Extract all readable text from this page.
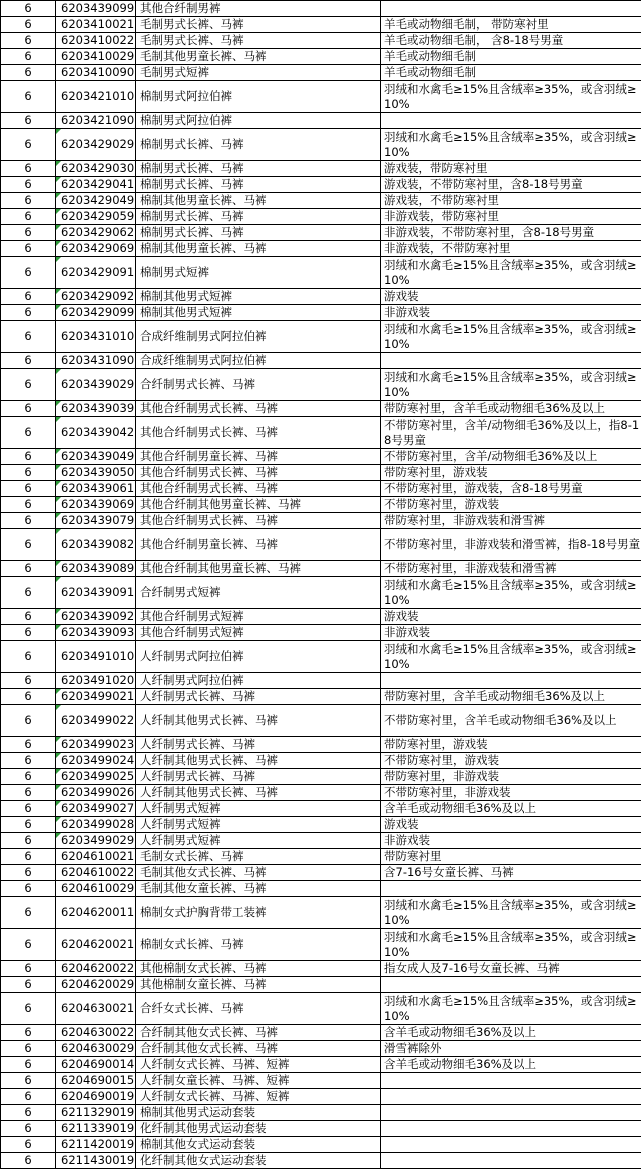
6	6203439099	其他合纤制男裤	
6	6203410021	毛制男式长裤、马裤	羊毛或动物细毛制， 带防寒衬里
6	6203410022	毛制男式长裤、马裤	羊毛或动物细毛制， 含8-18号男童
6	6203410029	毛制其他男童长裤、马裤	羊毛或动物细毛制
6	6203410090	毛制男式短裤	羊毛或动物细毛制
6	6203421010	棉制男式阿拉伯裤	羽绒和水禽毛≥15%且含绒率≥35%，或含羽绒≥10%
6	6203421090	棉制男式阿拉伯裤	
6	6203429029	棉制男式长裤、马裤	羽绒和水禽毛≥15%且含绒率≥35%，或含羽绒≥10%
6	6203429030	棉制男式长裤、马裤	游戏装，带防寒衬里
6	6203429041	棉制男式长裤、马裤	游戏装，不带防寒衬里，含8-18号男童
6	6203429049	棉制其他男童长裤、马裤	游戏装，不带防寒衬里
6	6203429059	棉制男式长裤、马裤	非游戏装，带防寒衬里
6	6203429062	棉制男式长裤、马裤	非游戏装，不带防寒衬里，含8-18号男童
6	6203429069	棉制其他男童长裤、马裤	非游戏装，不带防寒衬里
6	6203429091	棉制男式短裤	羽绒和水禽毛≥15%且含绒率≥35%，或含羽绒≥10%
6	6203429092	棉制其他男式短裤	游戏装
6	6203429099	棉制其他男式短裤	非游戏装
6	6203431010	合成纤维制男式阿拉伯裤	羽绒和水禽毛≥15%且含绒率≥35%，或含羽绒≥10%
6	6203431090	合成纤维制男式阿拉伯裤	
6	6203439029	合纤制男式长裤、马裤	羽绒和水禽毛≥15%且含绒率≥35%，或含羽绒≥10%
6	6203439039	其他合纤制男式长裤、马裤	带防寒衬里，含羊毛或动物细毛36%及以上
6	6203439042	其他合纤制男式长裤、马裤	不带防寒衬里，含羊/动物细毛36%及以上，指8-18号男童
6	6203439049	其他合纤制男童长裤、马裤	不带防寒衬里，含羊/动物细毛36%及以上
6	6203439050	其他合纤制男式长裤、马裤	带防寒衬里，游戏装
6	6203439061	其他合纤制男式长裤、马裤	不带防寒衬里，游戏装，含8-18号男童
6	6203439069	其他合纤制其他男童长裤、马裤	不带防寒衬里，游戏装
6	6203439079	其他合纤制男式长裤、马裤	带防寒衬里，非游戏装和滑雪裤
6	6203439082	其他合纤制男童长裤、马裤	不带防寒衬里，非游戏装和滑雪裤，指8-18号男童
6	6203439089	其他合纤制其他男童长裤、马裤	不带防寒衬里，非游戏装和滑雪裤
6	6203439091	合纤制男式短裤	羽绒和水禽毛≥15%且含绒率≥35%，或含羽绒≥10%
6	6203439092	其他合纤制男式短裤	游戏装
6	6203439093	其他合纤制男式短裤	非游戏装
6	6203491010	人纤制男式阿拉伯裤	羽绒和水禽毛≥15%且含绒率≥35%，或含羽绒≥10%
6	6203491020	人纤制男式阿拉伯裤	
6	6203499021	人纤制男式长裤、马裤	带防寒衬里，含羊毛或动物细毛36%及以上
6	6203499022	人纤制其他男式长裤、马裤	不带防寒衬里，含羊毛或动物细毛36%及以上
6	6203499023	人纤制男式长裤、马裤	带防寒衬里，游戏装
6	6203499024	人纤制其他男式长裤、马裤	不带防寒衬里，游戏装
6	6203499025	人纤制男式长裤、马裤	带防寒衬里，非游戏装
6	6203499026	人纤制其他男式长裤、马裤	不带防寒衬里，非游戏装
6	6203499027	人纤制男式短裤	含羊毛或动物细毛36%及以上
6	6203499028	人纤制男式短裤	游戏装
6	6203499029	人纤制男式短裤	非游戏装
6	6204610021	毛制女式长裤、马裤	带防寒衬里
6	6204610022	毛制其他女式长裤、马裤	含7-16号女童长裤、马裤
6	6204610029	毛制其他女童长裤、马裤	
6	6204620011	棉制女式护胸背带工装裤	羽绒和水禽毛≥15%且含绒率≥35%，或含羽绒≥10%
6	6204620021	棉制女式长裤、马裤	羽绒和水禽毛≥15%且含绒率≥35%，或含羽绒≥10%
6	6204620022	其他棉制女式长裤、马裤	指女成人及7-16号女童长裤、马裤
6	6204620029	其他棉制女童长裤、马裤	
6	6204630021	合纤女式长裤、马裤	羽绒和水禽毛≥15%且含绒率≥35%，或含羽绒≥10%
6	6204630022	合纤制其他女式长裤、马裤	含羊毛或动物细毛36%及以上
6	6204630029	合纤制其他女式长裤、马裤	滑雪裤除外
6	6204690014	人纤制女式长裤、马裤、短裤	含羊毛或动物细毛36%及以上
6	6204690015	人纤制女童长裤、马裤、短裤	
6	6204690019	人纤制女式长裤、马裤、短裤	
6	6211329019	棉制其他男式运动套装	
6	6211339019	化纤制其他男式运动套装	
6	6211420019	棉制其他女式运动套装	
6	6211430019	化纤制其他女式运动套装	
